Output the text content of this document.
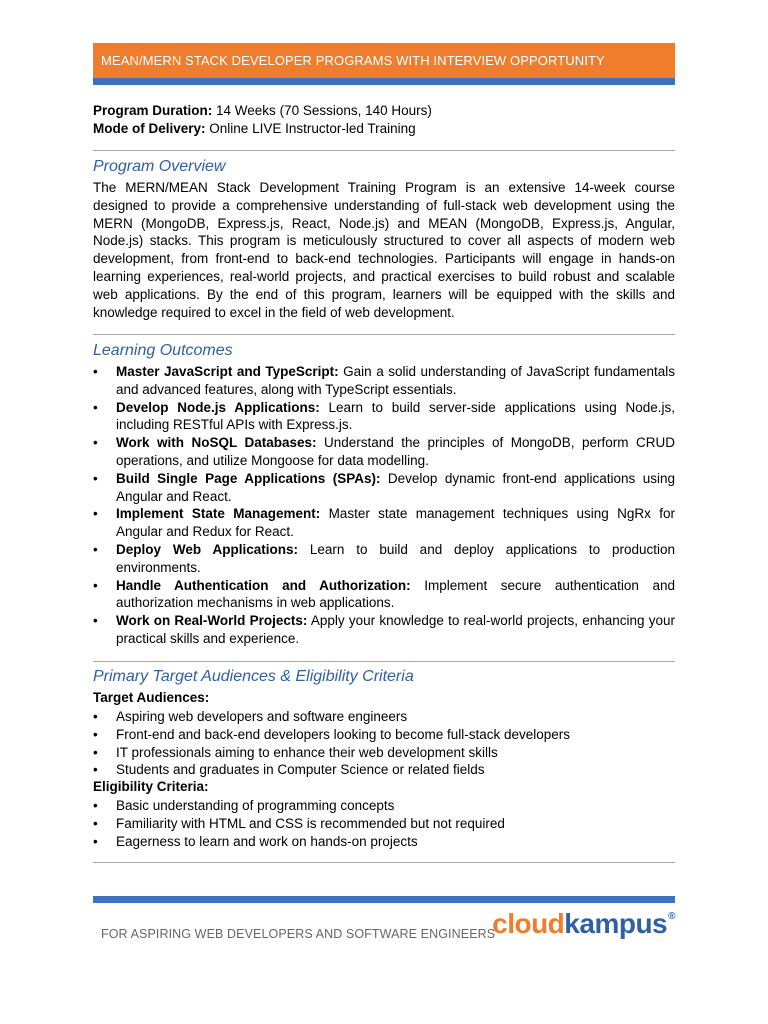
MEAN/MERN STACK DEVELOPER PROGRAMS WITH INTERVIEW OPPORTUNITY
Program Duration: 14 Weeks (70 Sessions, 140 Hours)
Mode of Delivery: Online LIVE Instructor-led Training
Program Overview
The MERN/MEAN Stack Development Training Program is an extensive 14-week course designed to provide a comprehensive understanding of full-stack web development using the MERN (MongoDB, Express.js, React, Node.js) and MEAN (MongoDB, Express.js, Angular, Node.js) stacks. This program is meticulously structured to cover all aspects of modern web development, from front-end to back-end technologies. Participants will engage in hands-on learning experiences, real-world projects, and practical exercises to build robust and scalable web applications. By the end of this program, learners will be equipped with the skills and knowledge required to excel in the field of web development.
Learning Outcomes
• Master JavaScript and TypeScript: Gain a solid understanding of JavaScript fundamentals and advanced features, along with TypeScript essentials.
• Develop Node.js Applications: Learn to build server-side applications using Node.js, including RESTful APIs with Express.js.
• Work with NoSQL Databases: Understand the principles of MongoDB, perform CRUD operations, and utilize Mongoose for data modelling.
• Build Single Page Applications (SPAs): Develop dynamic front-end applications using Angular and React.
• Implement State Management: Master state management techniques using NgRx for Angular and Redux for React.
• Deploy Web Applications: Learn to build and deploy applications to production environments.
• Handle Authentication and Authorization: Implement secure authentication and authorization mechanisms in web applications.
• Work on Real-World Projects: Apply your knowledge to real-world projects, enhancing your practical skills and experience.
Primary Target Audiences & Eligibility Criteria
Target Audiences:
• Aspiring web developers and software engineers
• Front-end and back-end developers looking to become full-stack developers
• IT professionals aiming to enhance their web development skills
• Students and graduates in Computer Science or related fields
Eligibility Criteria:
• Basic understanding of programming concepts
• Familiarity with HTML and CSS is recommended but not required
• Eagerness to learn and work on hands-on projects
FOR ASPIRING WEB DEVELOPERS AND SOFTWARE ENGINEERS
cloudkampus®
